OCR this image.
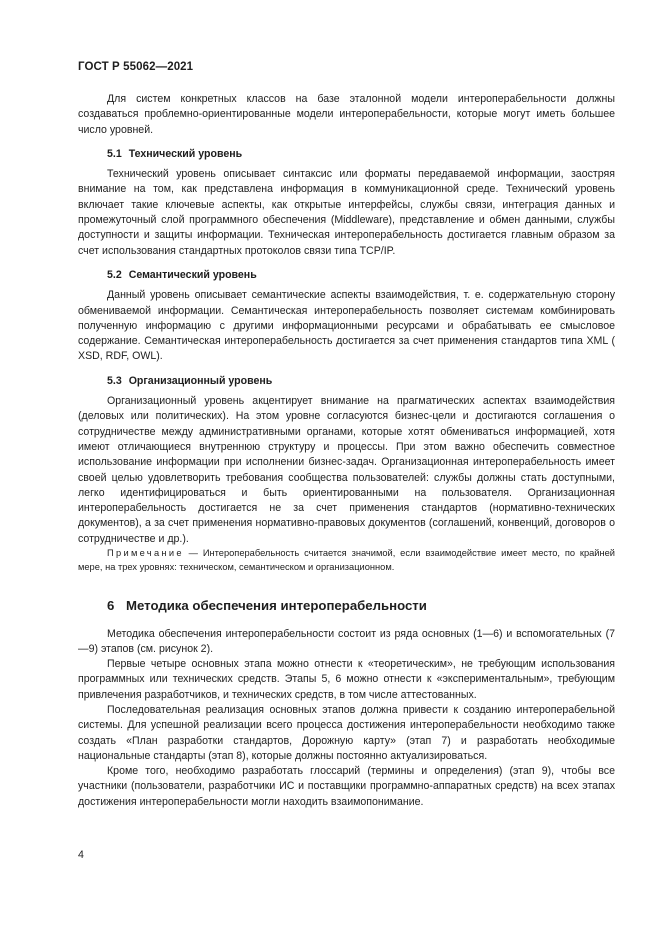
ГОСТ Р 55062—2021

Для систем конкретных классов на базе эталонной модели интероперабельности должны создаваться проблемно-ориентированные модели интероперабельности, которые могут иметь большее число уровней.

5.1 Технический уровень

Технический уровень описывает синтаксис или форматы передаваемой информации, заостряя внимание на том, как представлена информация в коммуникационной среде. Технический уровень включает такие ключевые аспекты, как открытые интерфейсы, службы связи, интеграция данных и промежуточный слой программного обеспечения (Middleware), представление и обмен данными, службы доступности и защиты информации. Техническая интероперабельность достигается главным образом за счет использования стандартных протоколов связи типа TCP/IP.

5.2 Семантический уровень

Данный уровень описывает семантические аспекты взаимодействия, т. е. содержательную сторону обмениваемой информации. Семантическая интероперабельность позволяет системам комбинировать полученную информацию с другими информационными ресурсами и обрабатывать ее смысловое содержание. Семантическая интероперабельность достигается за счет применения стандартов типа XML ( XSD, RDF, OWL).

5.3 Организационный уровень

Организационный уровень акцентирует внимание на прагматических аспектах взаимодействия (деловых или политических). На этом уровне согласуются бизнес-цели и достигаются соглашения о сотрудничестве между административными органами, которые хотят обмениваться информацией, хотя имеют отличающиеся внутреннюю структуру и процессы. При этом важно обеспечить совместное использование информации при исполнении бизнес-задач. Организационная интероперабельность имеет своей целью удовлетворить требования сообщества пользователей: службы должны стать доступными, легко идентифицироваться и быть ориентированными на пользователя. Организационная интероперабельность достигается не за счет применения стандартов (нормативно-технических документов), а за счет применения нормативно-правовых документов (соглашений, конвенций, договоров о сотрудничестве и др.).

Примечание — Интероперабельность считается значимой, если взаимодействие имеет место, по крайней мере, на трех уровнях: техническом, семантическом и организационном.

6 Методика обеспечения интероперабельности

Методика обеспечения интероперабельности состоит из ряда основных (1—6) и вспомогательных (7—9) этапов (см. рисунок 2).

Первые четыре основных этапа можно отнести к «теоретическим», не требующим использования программных или технических средств. Этапы 5, 6 можно отнести к «экспериментальным», требующим привлечения разработчиков, и технических средств, в том числе аттестованных.

Последовательная реализация основных этапов должна привести к созданию интероперабельной системы. Для успешной реализации всего процесса достижения интероперабельности необходимо также создать «План разработки стандартов, Дорожную карту» (этап 7) и разработать необходимые национальные стандарты (этап 8), которые должны постоянно актуализироваться.

Кроме того, необходимо разработать глоссарий (термины и определения) (этап 9), чтобы все участники (пользователи, разработчики ИС и поставщики программно-аппаратных средств) на всех этапах достижения интероперабельности могли находить взаимопонимание.

4
